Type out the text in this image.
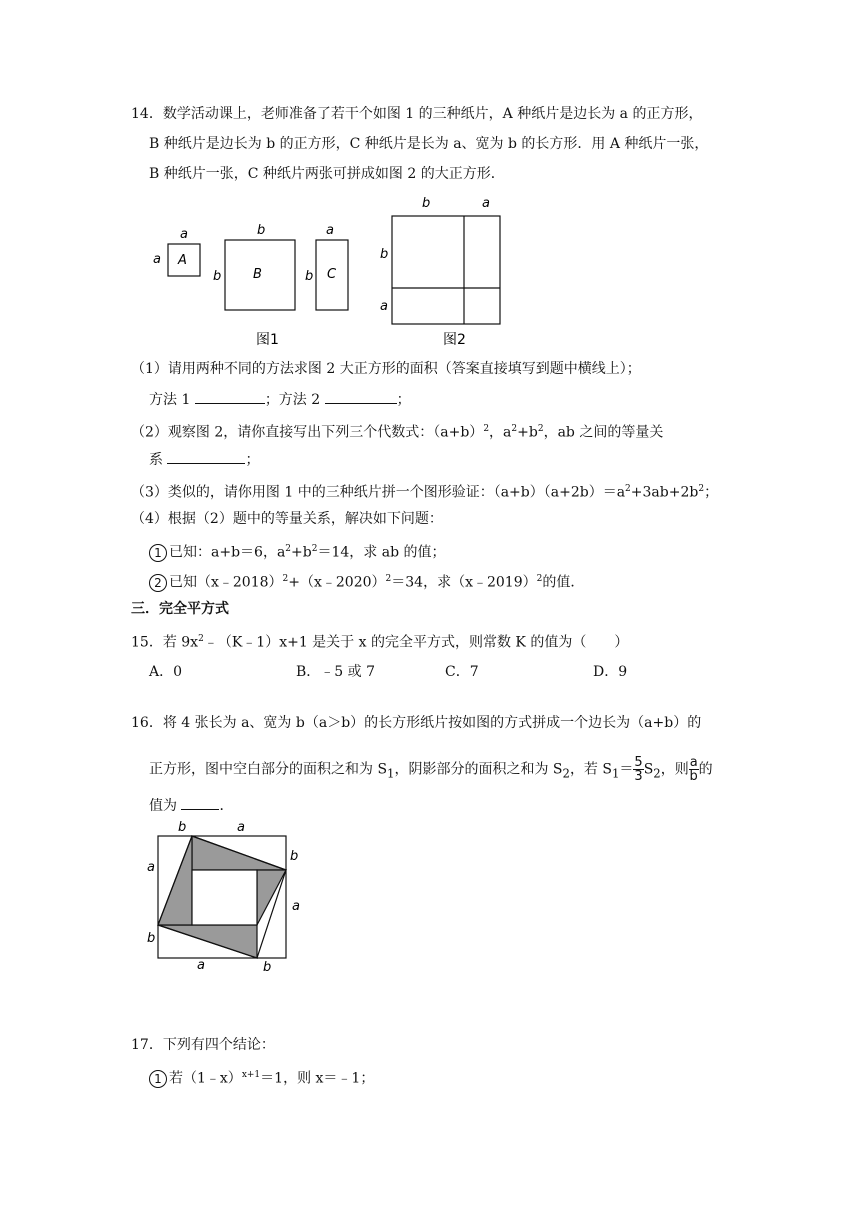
14．数学活动课上，老师准备了若干个如图 1 的三种纸片，A 种纸片是边长为 a 的正方形，
B 种纸片是边长为 b 的正方形，C 种纸片是长为 a、宽为 b 的长方形．用 A 种纸片一张，
B 种纸片一张，C 种纸片两张可拼成如图 2 的大正方形．
a
a A
b
b B
a
b C
b	a
b
a
图1	图2
（1）请用两种不同的方法求图 2 大正方形的面积（答案直接填写到题中横线上）；
方法 1	；方法 2	；
（2）观察图 2，请你直接写出下列三个代数式：$(a+b)^2$，$a^2+b^2$，ab 之间的等量关
系	；
（3）类似的，请你用图 1 中的三种纸片拼一个图形验证：$(a+b)(a+2b)=a^2+3ab+2b^2$；
（4）根据（2）题中的等量关系，解决如下问题：
1 已知：a+b＝6，$a^2+b^2=14$，求 ab 的值；
2 已知（x﹣2018）$^2$+（x﹣2020）$^2$＝34，求（x﹣2019）$^2$的值．
三．完全平方式
15．若 $9x^2﹣(K﹣1)x+1$ 是关于 x 的完全平方式，则常数 K 的值为（　　）
A．0	B．﹣5 或 7	C．7	D．9
16．将 4 张长为 a、宽为 b（a＞b）的长方形纸片按如图的方式拼成一个边长为（a+b）的
正方形，图中空白部分的面积之和为 $S_1$，阴影部分的面积之和为 $S_2$，若 $S_1= \frac{5}{3} S_2$，则 $\frac{a}{b}$ 的
值为	．
b	a
b
a
a
b
a	b
17．下列有四个结论：
1 若（1﹣x）$^{x+1}$＝1，则 x＝﹣1；
